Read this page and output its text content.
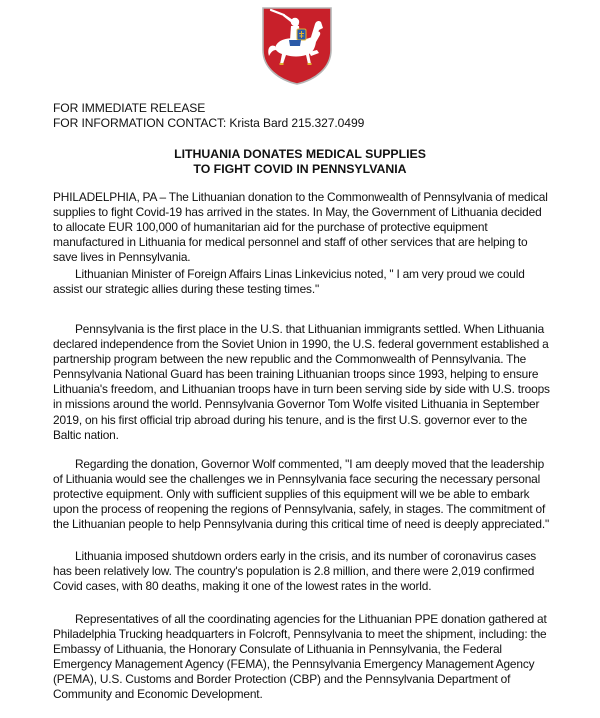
FOR IMMEDIATE RELEASE
FOR INFORMATION CONTACT: Krista Bard 215.327.0499
LITHUANIA DONATES MEDICAL SUPPLIES
TO FIGHT COVID IN PENNSYLVANIA

PHILADELPHIA, PA – The Lithuanian donation to the Commonwealth of Pennsylvania of medical supplies to fight Covid-19 has arrived in the states. In May, the Government of Lithuania decided to allocate EUR 100,000 of humanitarian aid for the purchase of protective equipment manufactured in Lithuania for medical personnel and staff of other services that are helping to save lives in Pennsylvania.

Lithuanian Minister of Foreign Affairs Linas Linkevicius noted, " I am very proud we could assist our strategic allies during these testing times."

Pennsylvania is the first place in the U.S. that Lithuanian immigrants settled. When Lithuania declared independence from the Soviet Union in 1990, the U.S. federal government established a partnership program between the new republic and the Commonwealth of Pennsylvania. The Pennsylvania National Guard has been training Lithuanian troops since 1993, helping to ensure Lithuania's freedom, and Lithuanian troops have in turn been serving side by side with U.S. troops in missions around the world. Pennsylvania Governor Tom Wolfe visited Lithuania in September 2019, on his first official trip abroad during his tenure, and is the first U.S. governor ever to the Baltic nation.

Regarding the donation, Governor Wolf commented, "I am deeply moved that the leadership of Lithuania would see the challenges we in Pennsylvania face securing the necessary personal protective equipment. Only with sufficient supplies of this equipment will we be able to embark upon the process of reopening the regions of Pennsylvania, safely, in stages. The commitment of the Lithuanian people to help Pennsylvania during this critical time of need is deeply appreciated."

Lithuania imposed shutdown orders early in the crisis, and its number of coronavirus cases has been relatively low. The country's population is 2.8 million, and there were 2,019 confirmed Covid cases, with 80 deaths, making it one of the lowest rates in the world.

Representatives of all the coordinating agencies for the Lithuanian PPE donation gathered at Philadelphia Trucking headquarters in Folcroft, Pennsylvania to meet the shipment, including: the Embassy of Lithuania, the Honorary Consulate of Lithuania in Pennsylvania, the Federal Emergency Management Agency (FEMA), the Pennsylvania Emergency Management Agency (PEMA), U.S. Customs and Border Protection (CBP) and the Pennsylvania Department of Community and Economic Development.
